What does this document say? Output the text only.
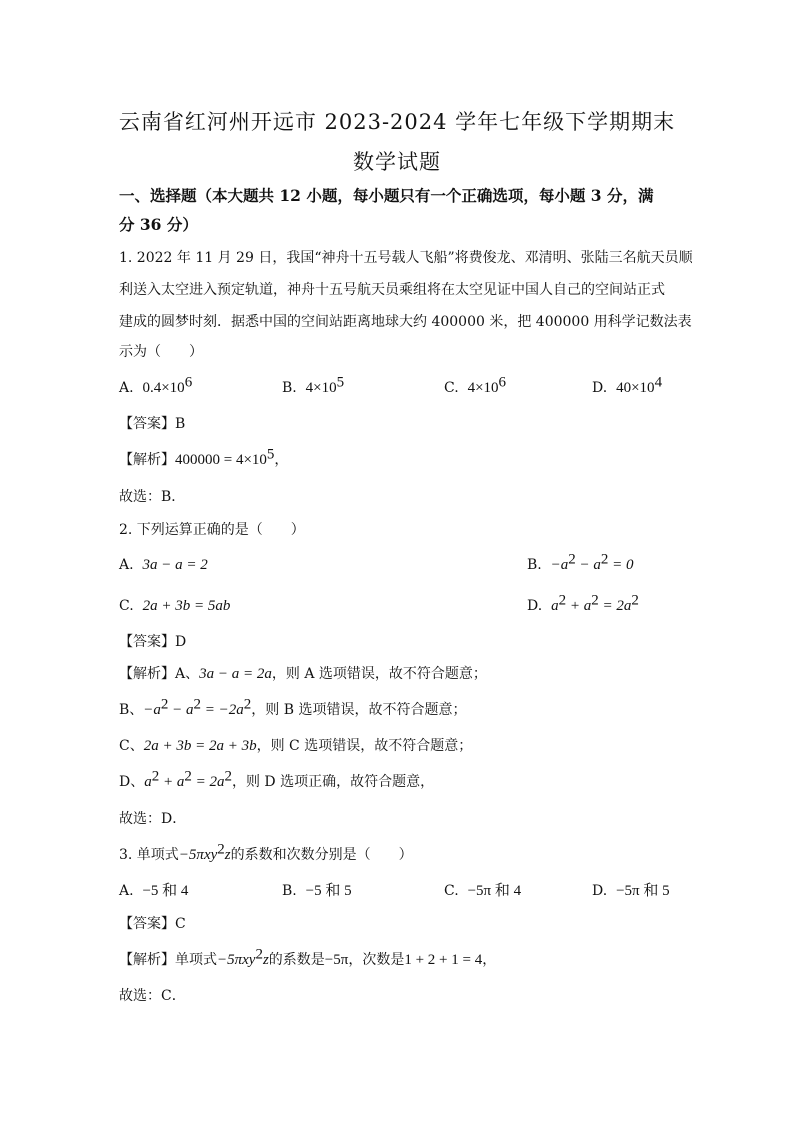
云南省红河州开远市 2023-2024 学年七年级下学期期末
数学试题
一、选择题（本大题共 12 小题，每小题只有一个正确选项，每小题 3 分，满
分 36 分）
1. 2022 年 11 月 29 日，我国“神舟十五号载人飞船”将费俊龙、邓清明、张陆三名航天员顺
利送入太空进入预定轨道，神舟十五号航天员乘组将在太空见证中国人自己的空间站正式
建成的圆梦时刻．据悉中国的空间站距离地球大约 400000 米，把 400000 用科学记数法表
示为（　　）
A. $0.4\times 10^6$	B. $4\times 10^5$	C. $4\times 10^6$	D. $40\times 10^4$
【答案】B
【解析】$400000 = 4\times 10^5$，
故选：B．
2. 下列运算正确的是（　　）
A. 3a − a = 2	B. $-a^2 - a^2 = 0$
C. 2a + 3b = 5ab	D. $a^2 + a^2 = 2a^2$
【答案】D
【解析】A、3a − a = 2a，则 A 选项错误，故不符合题意；
B、$-a^2 - a^2 = -2a^2$，则 B 选项错误，故不符合题意；
C、2a + 3b = 2a + 3b，则 C 选项错误，故不符合题意；
D、$a^2 + a^2 = 2a^2$，则 D 选项正确，故符合题意，
故选：D．
3. 单项式−5πxy$^2$z的系数和次数分别是（　　）
A. −5 和 4	B. −5 和 5	C. −5π 和 4	D. −5π 和 5
【答案】C
【解析】单项式−5πxy$^2$z的系数是−5π，次数是1 + 2 + 1 = 4，
故选：C．
